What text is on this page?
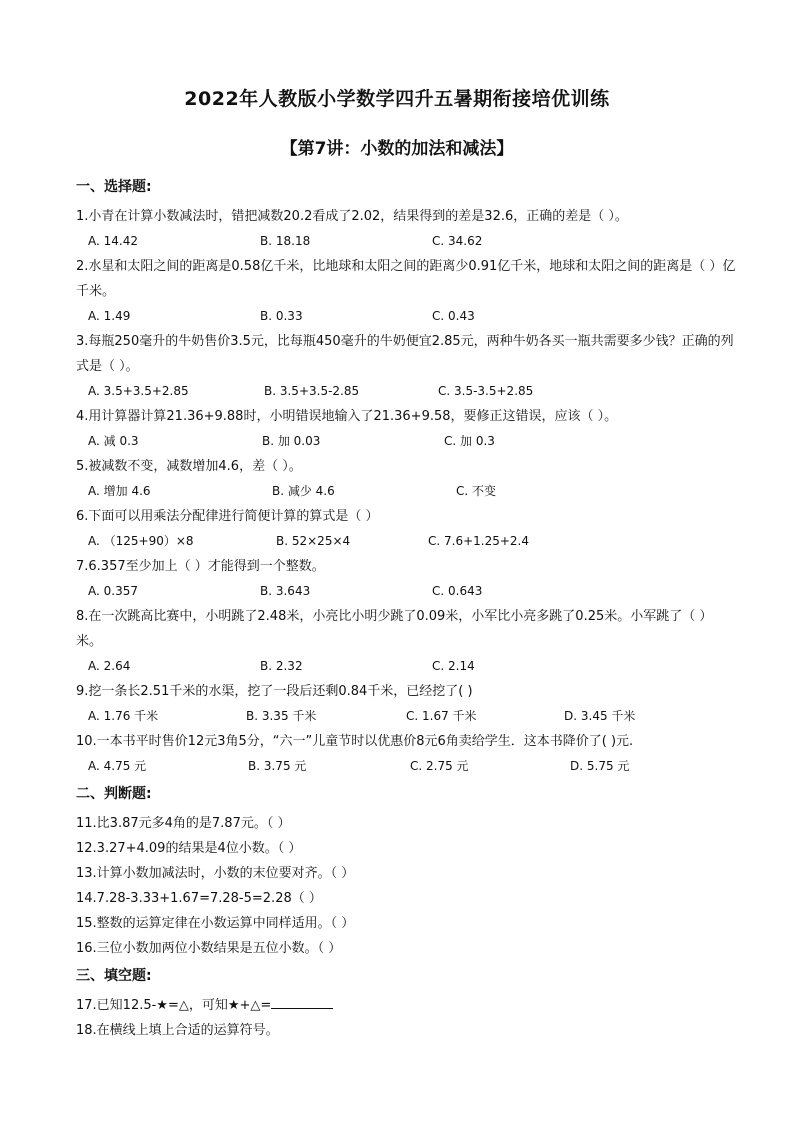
2022年人教版小学数学四升五暑期衔接培优训练
【第7讲：小数的加法和减法】
一、选择题:
1.小青在计算小数减法时，错把减数20.2看成了2.02，结果得到的差是32.6，正确的差是（ ）。
A. 14.42	B. 18.18	C. 34.62
2.水星和太阳之间的距离是0.58亿千米，比地球和太阳之间的距离少0.91亿千米，地球和太阳之间的距离是（ ）亿千米。
A. 1.49	B. 0.33	C. 0.43
3.每瓶250毫升的牛奶售价3.5元，比每瓶450毫升的牛奶便宜2.85元，两种牛奶各买一瓶共需要多少钱？正确的列式是（ ）。
A. 3.5+3.5+2.85	B. 3.5+3.5-2.85	C. 3.5-3.5+2.85
4.用计算器计算21.36+9.88时，小明错误地输入了21.36+9.58，要修正这错误，应该（ ）。
A. 减 0.3	B. 加 0.03	C. 加 0.3
5.被减数不变，减数增加4.6，差（ ）。
A. 增加 4.6	B. 减少 4.6	C. 不变
6.下面可以用乘法分配律进行简便计算的算式是（ ）
A. （125+90）×8	B. 52×25×4	C. 7.6+1.25+2.4
7.6.357至少加上（ ）才能得到一个整数。
A. 0.357	B. 3.643	C. 0.643
8.在一次跳高比赛中，小明跳了2.48米，小亮比小明少跳了0.09米，小军比小亮多跳了0.25米。小军跳了（ ）米。
A. 2.64	B. 2.32	C. 2.14
9.挖一条长2.51千米的水渠，挖了一段后还剩0.84千米，已经挖了( )
A. 1.76 千米	B. 3.35 千米	C. 1.67 千米	D. 3.45 千米
10.一本书平时售价12元3角5分，“六一”儿童节时以优惠价8元6角卖给学生．这本书降价了( )元.
A. 4.75 元	B. 3.75 元	C. 2.75 元	D. 5.75 元
二、判断题:
11.比3.87元多4角的是7.87元。（ ）
12.3.27+4.09的结果是4位小数。（ ）
13.计算小数加减法时，小数的末位要对齐。（ ）
14.7.28-3.33+1.67=7.28-5=2.28（ ）
15.整数的运算定律在小数运算中同样适用。（ ）
16.三位小数加两位小数结果是五位小数。（ ）
三、填空题:
17.已知12.5-★=△，可知★+△=
18.在横线上填上合适的运算符号。
